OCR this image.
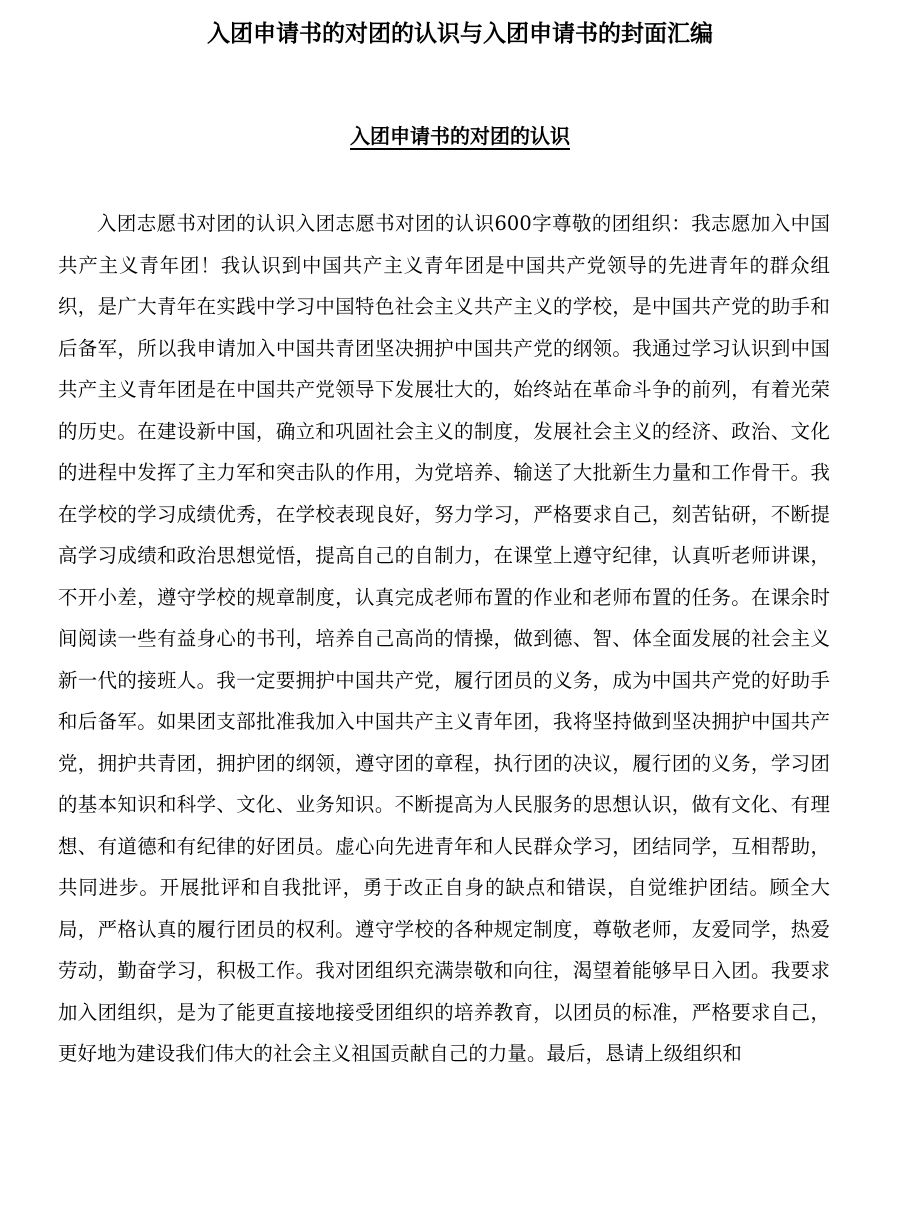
入团申请书的对团的认识与入团申请书的封面汇编
入团申请书的对团的认识

入团志愿书对团的认识入团志愿书对团的认识600字尊敬的团组织：我志愿加入中国共产主义青年团！我认识到中国共产主义青年团是中国共产党领导的先进青年的群众组织，是广大青年在实践中学习中国特色社会主义共产主义的学校，是中国共产党的助手和后备军，所以我申请加入中国共青团坚决拥护中国共产党的纲领。我通过学习认识到中国共产主义青年团是在中国共产党领导下发展壮大的，始终站在革命斗争的前列，有着光荣的历史。在建设新中国，确立和巩固社会主义的制度，发展社会主义的经济、政治、文化的进程中发挥了主力军和突击队的作用，为党培养、输送了大批新生力量和工作骨干。我在学校的学习成绩优秀，在学校表现良好，努力学习，严格要求自己，刻苦钻研，不断提高学习成绩和政治思想觉悟，提高自己的自制力，在课堂上遵守纪律，认真听老师讲课，不开小差，遵守学校的规章制度，认真完成老师布置的作业和老师布置的任务。在课余时间阅读一些有益身心的书刊，培养自己高尚的情操，做到德、智、体全面发展的社会主义新一代的接班人。我一定要拥护中国共产党，履行团员的义务，成为中国共产党的好助手和后备军。如果团支部批准我加入中国共产主义青年团，我将坚持做到坚决拥护中国共产党，拥护共青团，拥护团的纲领，遵守团的章程，执行团的决议，履行团的义务，学习团的基本知识和科学、文化、业务知识。不断提高为人民服务的思想认识，做有文化、有理想、有道德和有纪律的好团员。虚心向先进青年和人民群众学习，团结同学，互相帮助，共同进步。开展批评和自我批评，勇于改正自身的缺点和错误，自觉维护团结。顾全大局，严格认真的履行团员的权利。遵守学校的各种规定制度，尊敬老师，友爱同学，热爱劳动，勤奋学习，积极工作。我对团组织充满崇敬和向往，渴望着能够早日入团。我要求加入团组织，是为了能更直接地接受团组织的培养教育，以团员的标准，严格要求自己，更好地为建设我们伟大的社会主义祖国贡献自己的力量。最后，恳请上级组织和
